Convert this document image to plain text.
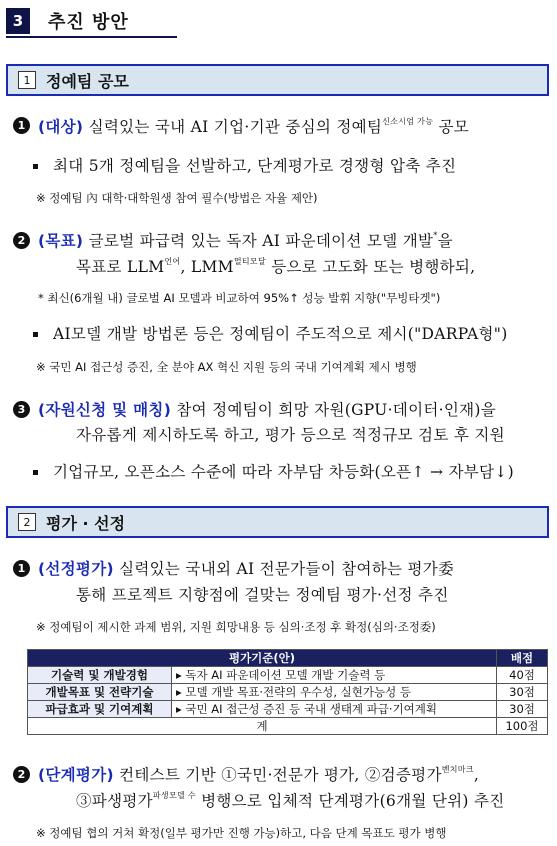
3	추진 방안
1 정예팀 공모
1 (대상) 실력있는 국내 AI 기업·기관 중심의 정예팀$^{신소시엄 가능}$ 공모
최대 5개 정예팀을 선발하고, 단계평가로 경쟁형 압축 추진
※ 정예팀 內 대학·대학원생 참여 필수(방법은 자율 제안)
2 (목표) 글로벌 파급력 있는 독자 AI 파운데이션 모델 개발*을
목표로 $LLM^{언어}$, $LMM^{멀티모달}$ 등으로 고도화 또는 병행하되,
* 최신(6개월 내) 글로벌 AI 모델과 비교하여 95%↑ 성능 발휘 지향("무빙타겟")
AI모델 개발 방법론 등은 정예팀이 주도적으로 제시("DARPA형")
※ 국민 AI 접근성 증진, 全 분야 AX 혁신 지원 등의 국내 기여계획 제시 병행
3 (자원신청 및 매칭) 참여 정예팀이 희망 자원(GPU·데이터·인재)을
자유롭게 제시하도록 하고, 평가 등으로 적정규모 검토 후 지원
기업규모, 오픈소스 수준에 따라 자부담 차등화(오픈↑ → 자부담↓)
2 평가 · 선정
1 (선정평가) 실력있는 국내외 AI 전문가들이 참여하는 평가委
통해 프로젝트 지향점에 걸맞는 정예팀 평가·선정 추진
※ 정예팀이 제시한 과제 범위, 지원 희망내용 등 심의·조정 후 확정(심의·조정委)
평가기준(안)		배점
기술력 및 개발경험	▸ 독자 AI 파운데이션 모델 개발 기술력 등	40점
개발목표 및 전략기술	▸ 모델 개발 목표·전략의 우수성, 실현가능성 등	30점
파급효과 및 기여계획	▸ 국민 AI 접근성 증진 등 국내 생태계 파급·기여계획	30점
계		100점
2 (단계평가) 컨테스트 기반 ①국민·전문가 평가, ②검증평가$^{벤치마크}$,
③파생평가$^{파생모델 수}$ 병행으로 입체적 단계평가(6개월 단위) 추진
※ 정예팀 협의 거쳐 확정(일부 평가만 진행 가능)하고, 다음 단계 목표도 평가 병행
